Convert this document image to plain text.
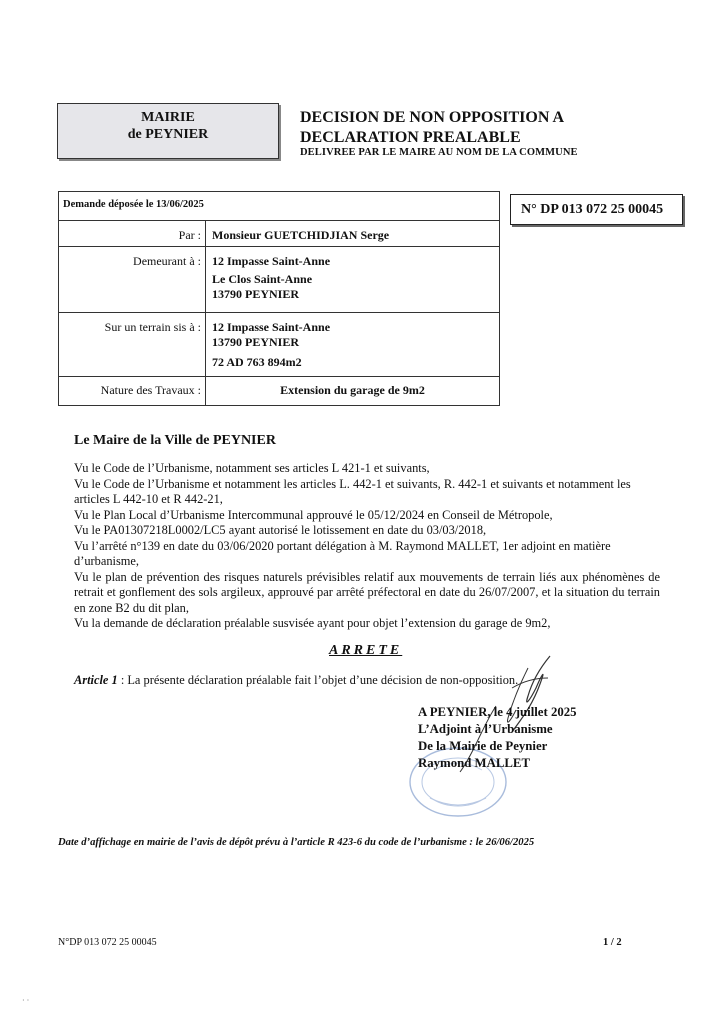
MAIRIE
de PEYNIER
DECISION DE NON OPPOSITION A
DECLARATION PREALABLE
DELIVREE PAR LE MAIRE AU NOM DE LA COMMUNE
N° DP 013 072 25 00045
Demande déposée le 13/06/2025	
Par :	Monsieur GUETCHIDJIAN Serge
Demeurant à :	12 Impasse Saint-Anne
Le Clos Saint-Anne
13790 PEYNIER

Sur un terrain sis à :	12 Impasse Saint-Anne
13790 PEYNIER
72 AD 763 894m2

Nature des Travaux :	Extension du garage de 9m2
Le Maire de la Ville de PEYNIER

Vu le Code de l’Urbanisme, notamment ses articles L 421-1 et suivants,

Vu le Code de l’Urbanisme et notamment les articles L. 442-1 et suivants, R. 442-1 et suivants et notamment les articles L 442-10 et R 442-21,

Vu le Plan Local d’Urbanisme Intercommunal approuvé le 05/12/2024 en Conseil de Métropole,

Vu le PA01307218L0002/LC5 ayant autorisé le lotissement en date du 03/03/2018,

Vu l’arrêté n°139 en date du 03/06/2020 portant délégation à M. Raymond MALLET, 1er adjoint en matière d’urbanisme,

Vu le plan de prévention des risques naturels prévisibles relatif aux mouvements de terrain liés aux phénomènes de retrait et gonflement des sols argileux, approuvé par arrêté préfectoral en date du 26/07/2007, et la situation du terrain en zone B2 du dit plan,

Vu la demande de déclaration préalable susvisée ayant pour objet l’extension du garage de 9m2,

ARRETE
Article 1 : La présente déclaration préalable fait l’objet d’une décision de non-opposition.
A PEYNIER, le 4 juillet 2025
L’Adjoint à l’Urbanisme
De la Mairie de Peynier
Raymond MALLET
Date d’affichage en mairie de l’avis de dépôt prévu à l’article R 423-6 du code de l’urbanisme : le 26/06/2025
N°DP 013 072 25 00045	1 / 2
· ·
